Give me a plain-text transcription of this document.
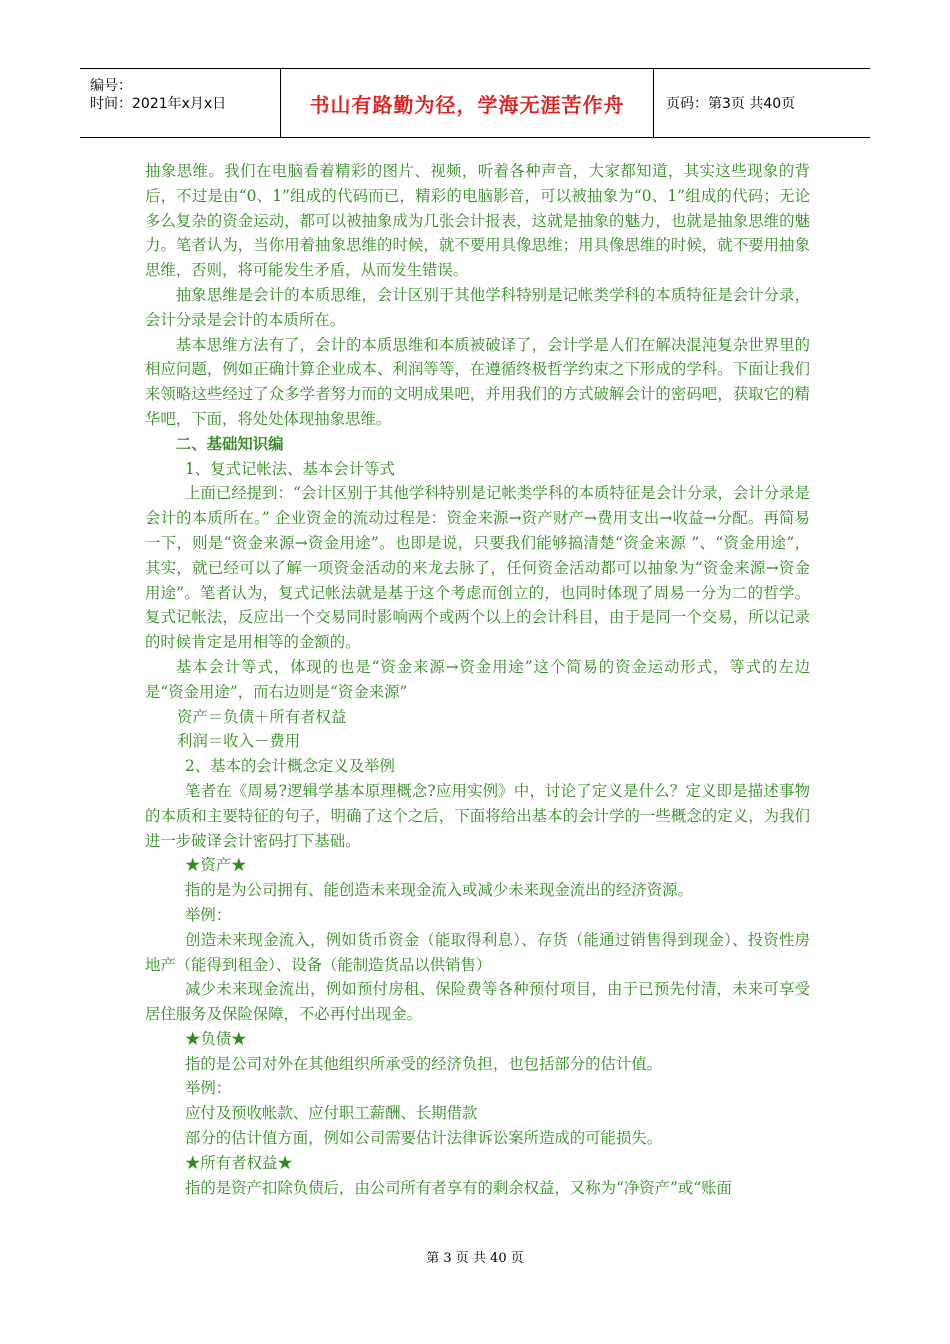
编号：
时间：2021年x月x日	书山有路勤为径，学海无涯苦作舟	页码：第3页 共40页

抽象思维。我们在电脑看着精彩的图片、视频，听着各种声音，大家都知道，其实这些现象的背后，不过是由“0、1”组成的代码而已，精彩的电脑影音，可以被抽象为“0、1”组成的代码；无论多么复杂的资金运动，都可以被抽象成为几张会计报表，这就是抽象的魅力，也就是抽象思维的魅力。笔者认为，当你用着抽象思维的时候，就不要用具像思维；用具像思维的时候，就不要用抽象思维，否则，将可能发生矛盾，从而发生错误。

抽象思维是会计的本质思维，会计区别于其他学科特别是记帐类学科的本质特征是会计分录，会计分录是会计的本质所在。

基本思维方法有了，会计的本质思维和本质被破译了，会计学是人们在解决混沌复杂世界里的相应问题，例如正确计算企业成本、利润等等，在遵循终极哲学约束之下形成的学科。下面让我们来领略这些经过了众多学者努力而的文明成果吧，并用我们的方式破解会计的密码吧，获取它的精华吧，下面，将处处体现抽象思维。

二、基础知识编

1、复式记帐法、基本会计等式

上面已经提到：“会计区别于其他学科特别是记帐类学科的本质特征是会计分录，会计分录是会计的本质所在。” 企业资金的流动过程是：资金来源→资产财产→费用支出→收益→分配。再简易一下，则是“资金来源→资金用途”。也即是说，只要我们能够搞清楚“资金来源 ”、“资金用途”，其实，就已经可以了解一项资金活动的来龙去脉了，任何资金活动都可以抽象为“资金来源→资金用途”。笔者认为，复式记帐法就是基于这个考虑而创立的，也同时体现了周易一分为二的哲学。复式记帐法，反应出一个交易同时影响两个或两个以上的会计科目，由于是同一个交易，所以记录的时候肯定是用相等的金额的。

基本会计等式，体现的也是“资金来源→资金用途”这个简易的资金运动形式，等式的左边是“资金用途”，而右边则是“资金来源”

资产＝负债＋所有者权益

利润＝收入－费用

2、基本的会计概念定义及举例

笔者在《周易?逻辑学基本原理概念?应用实例》中，讨论了定义是什么？定义即是描述事物的本质和主要特征的句子，明确了这个之后，下面将给出基本的会计学的一些概念的定义，为我们进一步破译会计密码打下基础。

★资产★

指的是为公司拥有、能创造未来现金流入或减少未来现金流出的经济资源。

举例：

创造未来现金流入，例如货币资金（能取得利息）、存货（能通过销售得到现金）、投资性房地产（能得到租金）、设备（能制造货品以供销售）

减少未来现金流出，例如预付房租、保险费等各种预付项目，由于已预先付清，未来可享受居住服务及保险保障，不必再付出现金。

★负债★

指的是公司对外在其他组织所承受的经济负担，也包括部分的估计值。

举例：

应付及预收帐款、应付职工薪酬、长期借款

部分的估计值方面，例如公司需要估计法律诉讼案所造成的可能损失。

★所有者权益★

指的是资产扣除负债后，由公司所有者享有的剩余权益，又称为“净资产”或“账面

第 3 页 共 40 页
